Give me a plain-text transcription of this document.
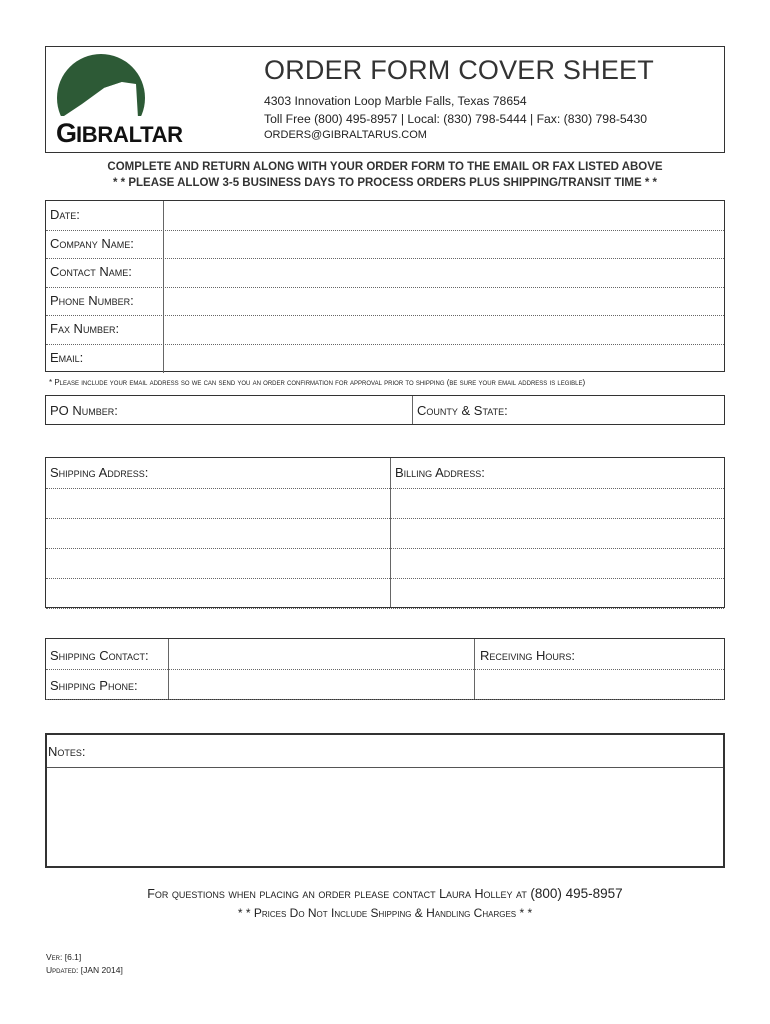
G IBRALTAR
ORDER FORM COVER SHEET
4303 Innovation Loop Marble Falls, Texas 78654
Toll Free (800) 495-8957 | Local: (830) 798-5444 | Fax: (830) 798-5430
ORDERS@GIBRALTARUS.COM
COMPLETE AND RETURN ALONG WITH YOUR ORDER FORM TO THE EMAIL OR FAX LISTED ABOVE
* * PLEASE ALLOW 3-5 BUSINESS DAYS TO PROCESS ORDERS PLUS SHIPPING/TRANSIT TIME * *
Date:
Company Name:
Contact Name:
Phone Number:
Fax Number:
Email:
* Please include your email address so we can send you an order confirmation for approval prior to shipping (be sure your email address is legible)
PO Number:	County & State:
Shipping Address:	Billing Address:
Shipping Contact:	Receiving Hours:
Shipping Phone:
Notes:
For questions when placing an order please contact Laura Holley at (800) 495-8957
* * Prices Do Not Include Shipping & Handling Charges * *
Ver: [6.1]
Updated: [JAN 2014]
